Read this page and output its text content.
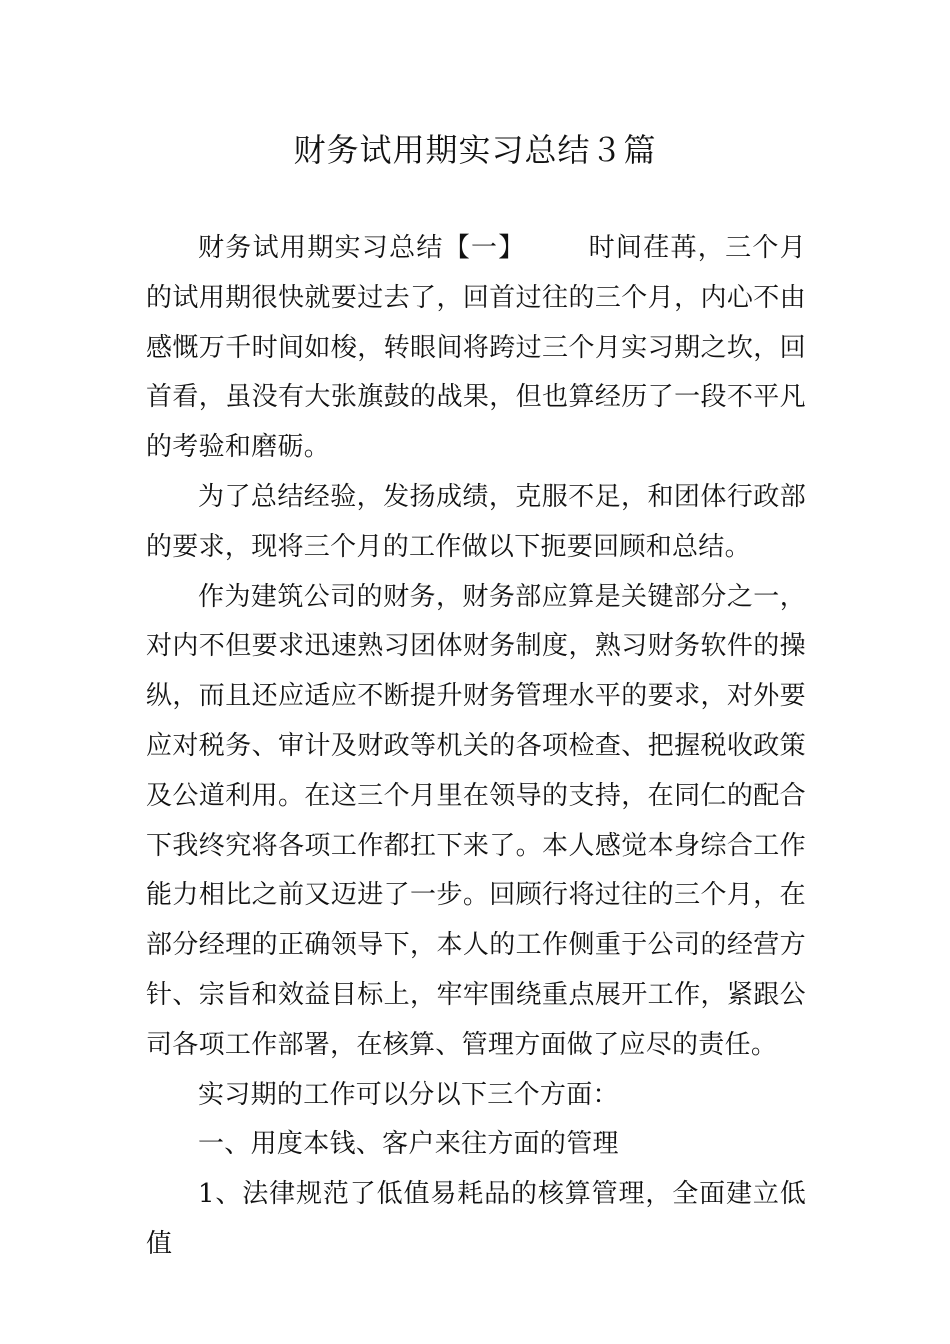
财务试用期实习总结３篇

财务试用期实习总结【一】 时间荏苒，三个月的试用期很快就要过去了，回首过往的三个月，内心不由感慨万千时间如梭，转眼间将跨过三个月实习期之坎，回首看，虽没有大张旗鼓的战果，但也算经历了一段不平凡的考验和磨砺。

为了总结经验，发扬成绩，克服不足，和团体行政部的要求，现将三个月的工作做以下扼要回顾和总结。

作为建筑公司的财务，财务部应算是关键部分之一，对内不但要求迅速熟习团体财务制度，熟习财务软件的操纵，而且还应适应不断提升财务管理水平的要求，对外要应对税务、审计及财政等机关的各项检查、把握税收政策及公道利用。在这三个月里在领导的支持，在同仁的配合下我终究将各项工作都扛下来了。本人感觉本身综合工作能力相比之前又迈进了一步。回顾行将过往的三个月，在部分经理的正确领导下，本人的工作侧重于公司的经营方针、宗旨和效益目标上，牢牢围绕重点展开工作，紧跟公司各项工作部署，在核算、管理方面做了应尽的责任。

实习期的工作可以分以下三个方面：

一、用度本钱、客户来往方面的管理

1、法律规范了低值易耗品的核算管理，全面建立低值
